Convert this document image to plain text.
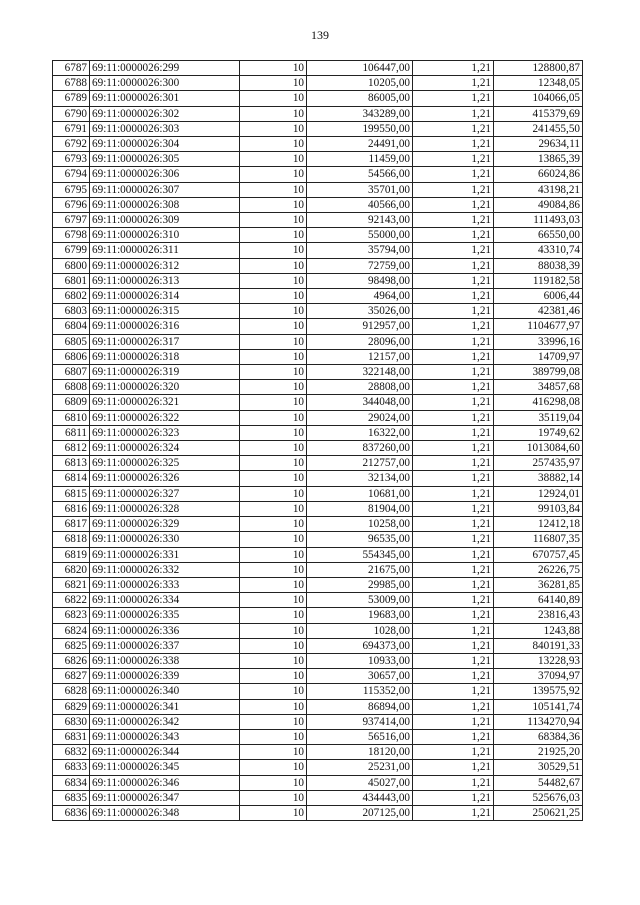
139
6787	69:11:0000026:299	10	106447,00	1,21	128800,87
6788	69:11:0000026:300	10	10205,00	1,21	12348,05
6789	69:11:0000026:301	10	86005,00	1,21	104066,05
6790	69:11:0000026:302	10	343289,00	1,21	415379,69
6791	69:11:0000026:303	10	199550,00	1,21	241455,50
6792	69:11:0000026:304	10	24491,00	1,21	29634,11
6793	69:11:0000026:305	10	11459,00	1,21	13865,39
6794	69:11:0000026:306	10	54566,00	1,21	66024,86
6795	69:11:0000026:307	10	35701,00	1,21	43198,21
6796	69:11:0000026:308	10	40566,00	1,21	49084,86
6797	69:11:0000026:309	10	92143,00	1,21	111493,03
6798	69:11:0000026:310	10	55000,00	1,21	66550,00
6799	69:11:0000026:311	10	35794,00	1,21	43310,74
6800	69:11:0000026:312	10	72759,00	1,21	88038,39
6801	69:11:0000026:313	10	98498,00	1,21	119182,58
6802	69:11:0000026:314	10	4964,00	1,21	6006,44
6803	69:11:0000026:315	10	35026,00	1,21	42381,46
6804	69:11:0000026:316	10	912957,00	1,21	1104677,97
6805	69:11:0000026:317	10	28096,00	1,21	33996,16
6806	69:11:0000026:318	10	12157,00	1,21	14709,97
6807	69:11:0000026:319	10	322148,00	1,21	389799,08
6808	69:11:0000026:320	10	28808,00	1,21	34857,68
6809	69:11:0000026:321	10	344048,00	1,21	416298,08
6810	69:11:0000026:322	10	29024,00	1,21	35119,04
6811	69:11:0000026:323	10	16322,00	1,21	19749,62
6812	69:11:0000026:324	10	837260,00	1,21	1013084,60
6813	69:11:0000026:325	10	212757,00	1,21	257435,97
6814	69:11:0000026:326	10	32134,00	1,21	38882,14
6815	69:11:0000026:327	10	10681,00	1,21	12924,01
6816	69:11:0000026:328	10	81904,00	1,21	99103,84
6817	69:11:0000026:329	10	10258,00	1,21	12412,18
6818	69:11:0000026:330	10	96535,00	1,21	116807,35
6819	69:11:0000026:331	10	554345,00	1,21	670757,45
6820	69:11:0000026:332	10	21675,00	1,21	26226,75
6821	69:11:0000026:333	10	29985,00	1,21	36281,85
6822	69:11:0000026:334	10	53009,00	1,21	64140,89
6823	69:11:0000026:335	10	19683,00	1,21	23816,43
6824	69:11:0000026:336	10	1028,00	1,21	1243,88
6825	69:11:0000026:337	10	694373,00	1,21	840191,33
6826	69:11:0000026:338	10	10933,00	1,21	13228,93
6827	69:11:0000026:339	10	30657,00	1,21	37094,97
6828	69:11:0000026:340	10	115352,00	1,21	139575,92
6829	69:11:0000026:341	10	86894,00	1,21	105141,74
6830	69:11:0000026:342	10	937414,00	1,21	1134270,94
6831	69:11:0000026:343	10	56516,00	1,21	68384,36
6832	69:11:0000026:344	10	18120,00	1,21	21925,20
6833	69:11:0000026:345	10	25231,00	1,21	30529,51
6834	69:11:0000026:346	10	45027,00	1,21	54482,67
6835	69:11:0000026:347	10	434443,00	1,21	525676,03
6836	69:11:0000026:348	10	207125,00	1,21	250621,25
